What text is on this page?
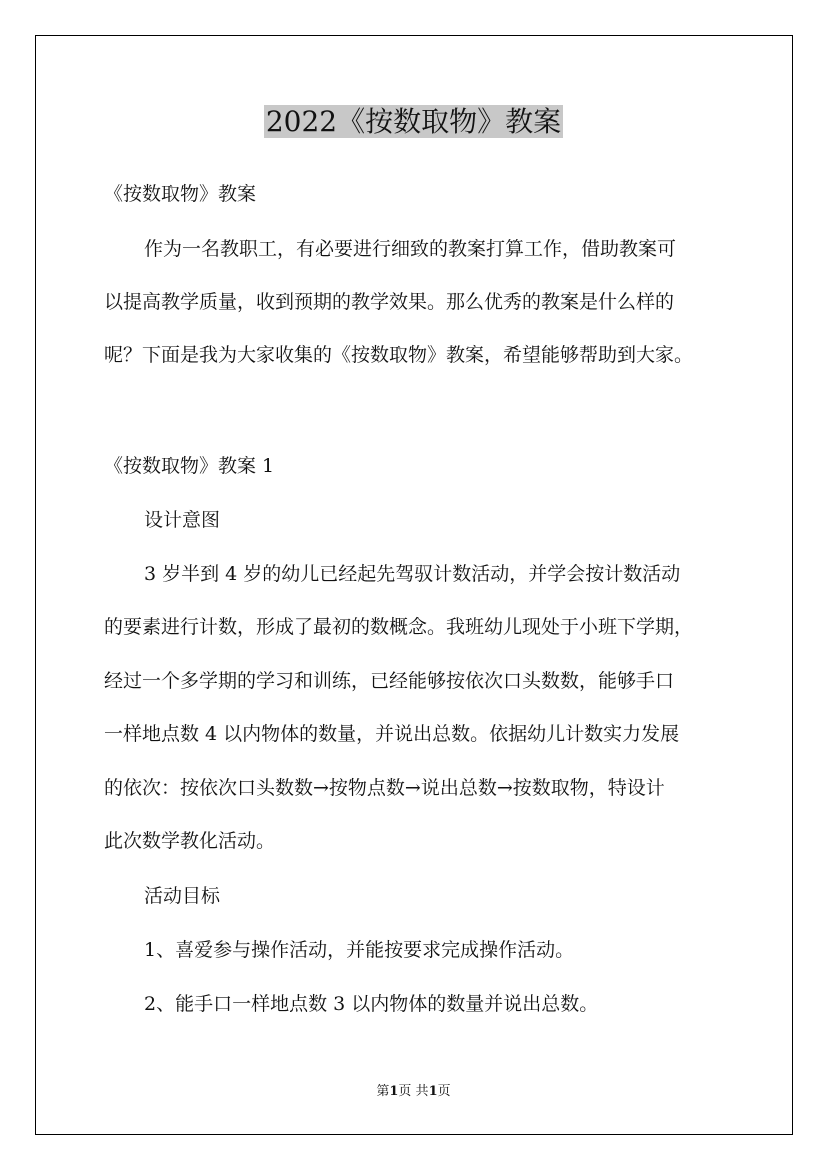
2022《按数取物》教案

《按数取物》教案

作为一名教职工，有必要进行细致的教案打算工作，借助教案可

以提高教学质量，收到预期的教学效果。那么优秀的教案是什么样的

呢？下面是我为大家收集的《按数取物》教案，希望能够帮助到大家。

《按数取物》教案 1

设计意图

3 岁半到 4 岁的幼儿已经起先驾驭计数活动，并学会按计数活动

的要素进行计数，形成了最初的数概念。我班幼儿现处于小班下学期，

经过一个多学期的学习和训练，已经能够按依次口头数数，能够手口

一样地点数 4 以内物体的数量，并说出总数。依据幼儿计数实力发展

的依次：按依次口头数数→按物点数→说出总数→按数取物，特设计

此次数学教化活动。

活动目标

1、喜爱参与操作活动，并能按要求完成操作活动。

2、能手口一样地点数 3 以内物体的数量并说出总数。

第1页 共1页
